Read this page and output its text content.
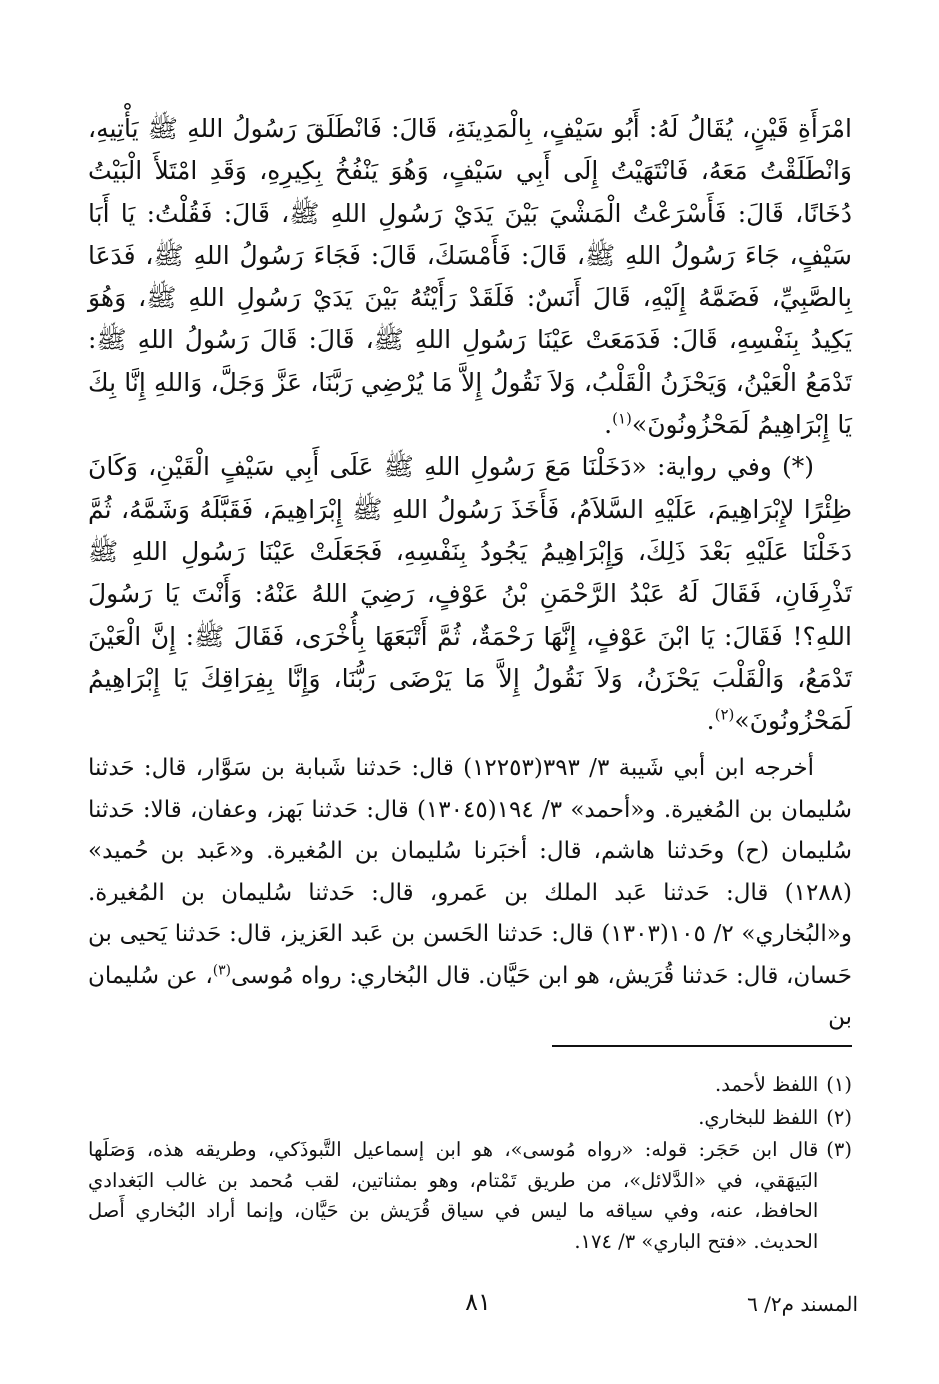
امْرَأَةِ قَيْنٍ، يُقَالُ لَهُ: أَبُو سَيْفٍ، بِالْمَدِينَةِ، قَالَ: فَانْطَلَقَ رَسُولُ اللهِ ﷺ يَأْتِيهِ، وَانْطَلَقْتُ مَعَهُ، فَانْتَهَيْتُ إِلَى أَبِي سَيْفٍ، وَهُوَ يَنْفُخُ بِكِيرِهِ، وَقَدِ امْتَلأَ الْبَيْتُ دُخَانًا، قَالَ: فَأَسْرَعْتُ الْمَشْيَ بَيْنَ يَدَيْ رَسُولِ اللهِ ﷺ، قَالَ: فَقُلْتُ: يَا أَبَا سَيْفٍ، جَاءَ رَسُولُ اللهِ ﷺ، قَالَ: فَأَمْسَكَ، قَالَ: فَجَاءَ رَسُولُ اللهِ ﷺ، فَدَعَا بِالصَّبِيِّ، فَضَمَّهُ إِلَيْهِ، قَالَ أَنَسٌ: فَلَقَدْ رَأَيْتُهُ بَيْنَ يَدَيْ رَسُولِ اللهِ ﷺ، وَهُوَ يَكِيدُ بِنَفْسِهِ، قَالَ: فَدَمَعَتْ عَيْنَا رَسُولِ اللهِ ﷺ، قَالَ: قَالَ رَسُولُ اللهِ ﷺ: تَدْمَعُ الْعَيْنُ، وَيَحْزَنُ الْقَلْبُ، وَلاَ نَقُولُ إِلاَّ مَا يُرْضِي رَبَّنَا، عَزَّ وَجَلَّ، وَاللهِ إِنَّا بِكَ يَا إِبْرَاهِيمُ لَمَحْزُونُونَ»$^{(١)}$.

(*) وفي رواية: «دَخَلْنَا مَعَ رَسُولِ اللهِ ﷺ عَلَى أَبِي سَيْفٍ الْقَيْنِ، وَكَانَ ظِئْرًا لإِبْرَاهِيمَ، عَلَيْهِ السَّلاَمُ، فَأَخَذَ رَسُولُ اللهِ ﷺ إِبْرَاهِيمَ، فَقَبَّلَهُ وَشَمَّهُ، ثُمَّ دَخَلْنَا عَلَيْهِ بَعْدَ ذَلِكَ، وَإِبْرَاهِيمُ يَجُودُ بِنَفْسِهِ، فَجَعَلَتْ عَيْنَا رَسُولِ اللهِ ﷺ تَذْرِفَانِ، فَقَالَ لَهُ عَبْدُ الرَّحْمَنِ بْنُ عَوْفٍ، رَضِيَ اللهُ عَنْهُ: وَأَنْتَ يَا رَسُولَ اللهِ؟! فَقَالَ: يَا ابْنَ عَوْفٍ، إِنَّهَا رَحْمَةٌ، ثُمَّ أَتْبَعَهَا بِأُخْرَى، فَقَالَ ﷺ: إِنَّ الْعَيْنَ تَدْمَعُ، وَالْقَلْبَ يَحْزَنُ، وَلاَ نَقُولُ إِلاَّ مَا يَرْضَى رَبُّنَا، وَإِنَّا بِفِرَاقِكَ يَا إِبْرَاهِيمُ لَمَحْزُونُونَ»$^{(٢)}$.

أخرجه ابن أبي شَيبة ٣/ ٣٩٣(١٢٢٥٣) قال: حَدثنا شَبابة بن سَوَّار، قال: حَدثنا سُليمان بن المُغيرة. و«أحمد» ٣/ ١٩٤(١٣٠٤٥) قال: حَدثنا بَهز، وعفان، قالا: حَدثنا سُليمان (ح) وحَدثنا هاشم، قال: أخبَرنا سُليمان بن المُغيرة. و«عَبد بن حُميد» (١٢٨٨) قال: حَدثنا عَبد الملك بن عَمرو، قال: حَدثنا سُليمان بن المُغيرة. و«البُخاري» ٢/ ١٠٥(١٣٠٣) قال: حَدثنا الحَسن بن عَبد العَزيز، قال: حَدثنا يَحيى بن حَسان، قال: حَدثنا قُرَيش، هو ابن حَيَّان. قال البُخاري: رواه مُوسى$^{(٣)}$، عن سُليمان بن

(١)
اللفظ لأحمد.
(٢)
اللفظ للبخاري.
(٣)
قال ابن حَجَر: قوله: «رواه مُوسى»، هو ابن إسماعيل التَّبوذَكي، وطريقه هذه، وَصَلَها البَيهَقي، في «الدَّلائل»، من طريق تَمْتام، وهو بمثناتين، لقب مُحمد بن غالب البَغدادي الحافظ، عنه، وفي سياقه ما ليس في سياق قُرَيش بن حَيَّان، وإنما أراد البُخاري أَصل الحديث. «فتح الباري» ٣/ ١٧٤.
٨١	المسند م٢/ ٦
